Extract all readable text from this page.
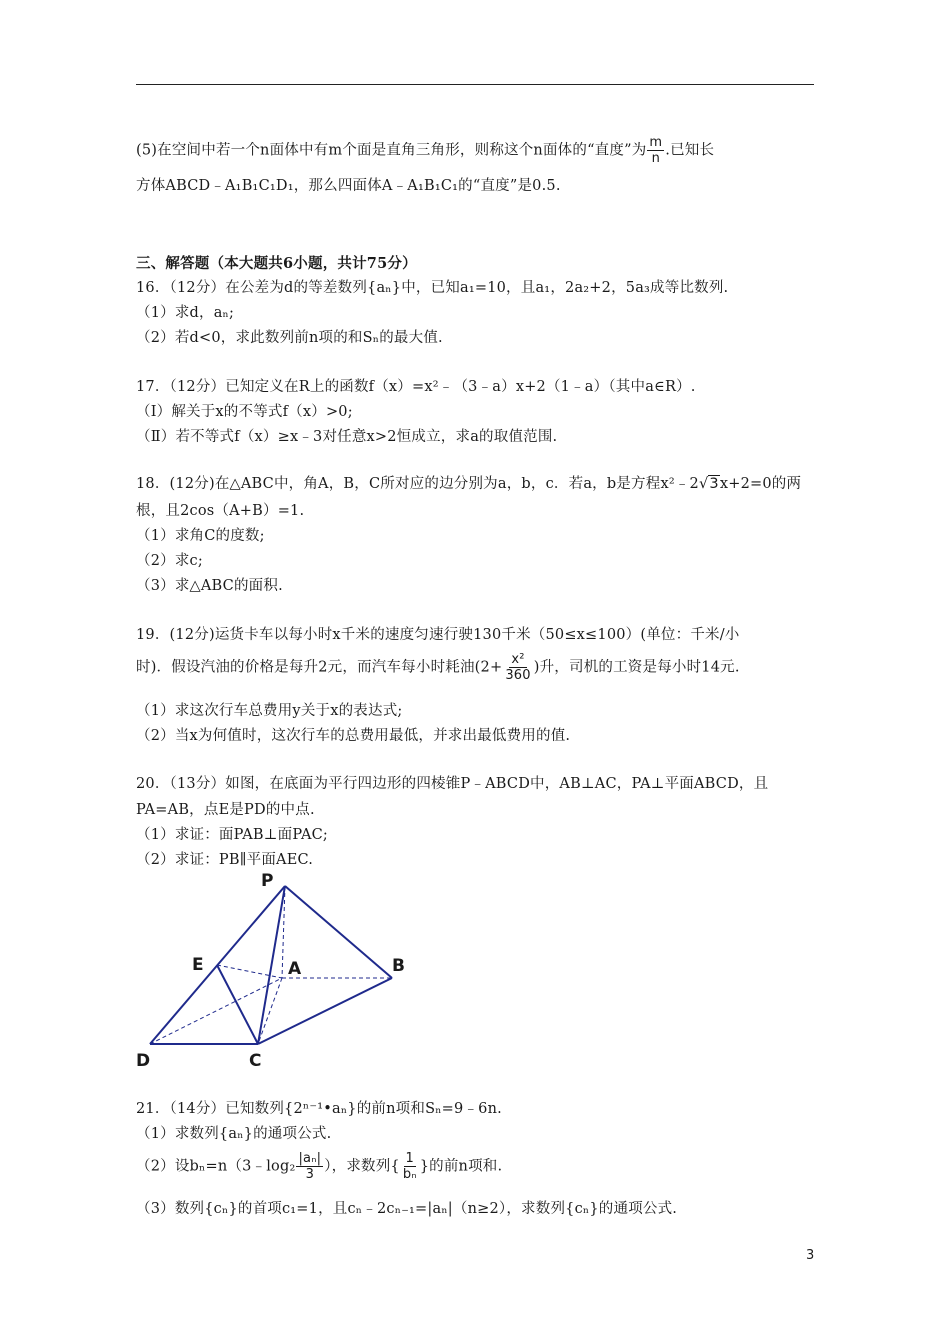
(5)在空间中若一个n面体中有m个面是直角三角形，则称这个n面体的“直度”为 $\frac{m}{n}$ .已知长
方体ABCD﹣A₁B₁C₁D₁，那么四面体A﹣A₁B₁C₁的“直度”是0.5.
三、解答题（本大题共6小题，共计75分）
16．（12分）在公差为d的等差数列{aₙ}中，已知a₁=10，且a₁，2a₂+2，5a₃成等比数列.
（1）求d，aₙ;
（2）若d<0，求此数列前n项的和Sₙ的最大值.
17．（12分）已知定义在R上的函数f（x）=x²﹣（3﹣a）x+2（1﹣a）（其中a∈R）.
（Ⅰ）解关于x的不等式f（x）>0;
（Ⅱ）若不等式f（x）≥x﹣3对任意x>2恒成立，求a的取值范围.
18．(12分)在△ABC中，角A，B，C所对应的边分别为a，b，c．若a，b是方程x²﹣2√3x+2=0的两
根，且2cos（A+B）=1.
（1）求角C的度数;
（2）求c;
（3）求△ABC的面积.
19．(12分)运货卡车以每小时x千米的速度匀速行驶130千米（50≤x≤100）(单位：千米/小
时)．假设汽油的价格是每升2元，而汽车每小时耗油($2+ \frac{\text{x²}}{360}$ )升，司机的工资是每小时14元.
（1）求这次行车总费用y关于x的表达式;
（2）当x为何值时，这次行车的总费用最低，并求出最低费用的值.
20．（13分）如图，在底面为平行四边形的四棱锥P﹣ABCD中，AB⊥AC，PA⊥平面ABCD，且
PA=AB，点E是PD的中点.
（1）求证：面PAB⊥面PAC;
（2）求证：PB∥平面AEC.
P
E	A	B
D	C
21．（14分）已知数列{2ⁿ⁻¹•aₙ}的前n项和Sₙ=9﹣6n.
（1）求数列{aₙ}的通项公式.
（2）设bₙ=n（3﹣log₂ $\frac{\text{|aₙ|}}{3}$ ），求数列{ $\frac{1}{\text{bₙ}}$ }的前n项和.
（3）数列{cₙ}的首项c₁=1，且cₙ﹣2cₙ₋₁=|aₙ|（n≥2），求数列{cₙ}的通项公式.
3
